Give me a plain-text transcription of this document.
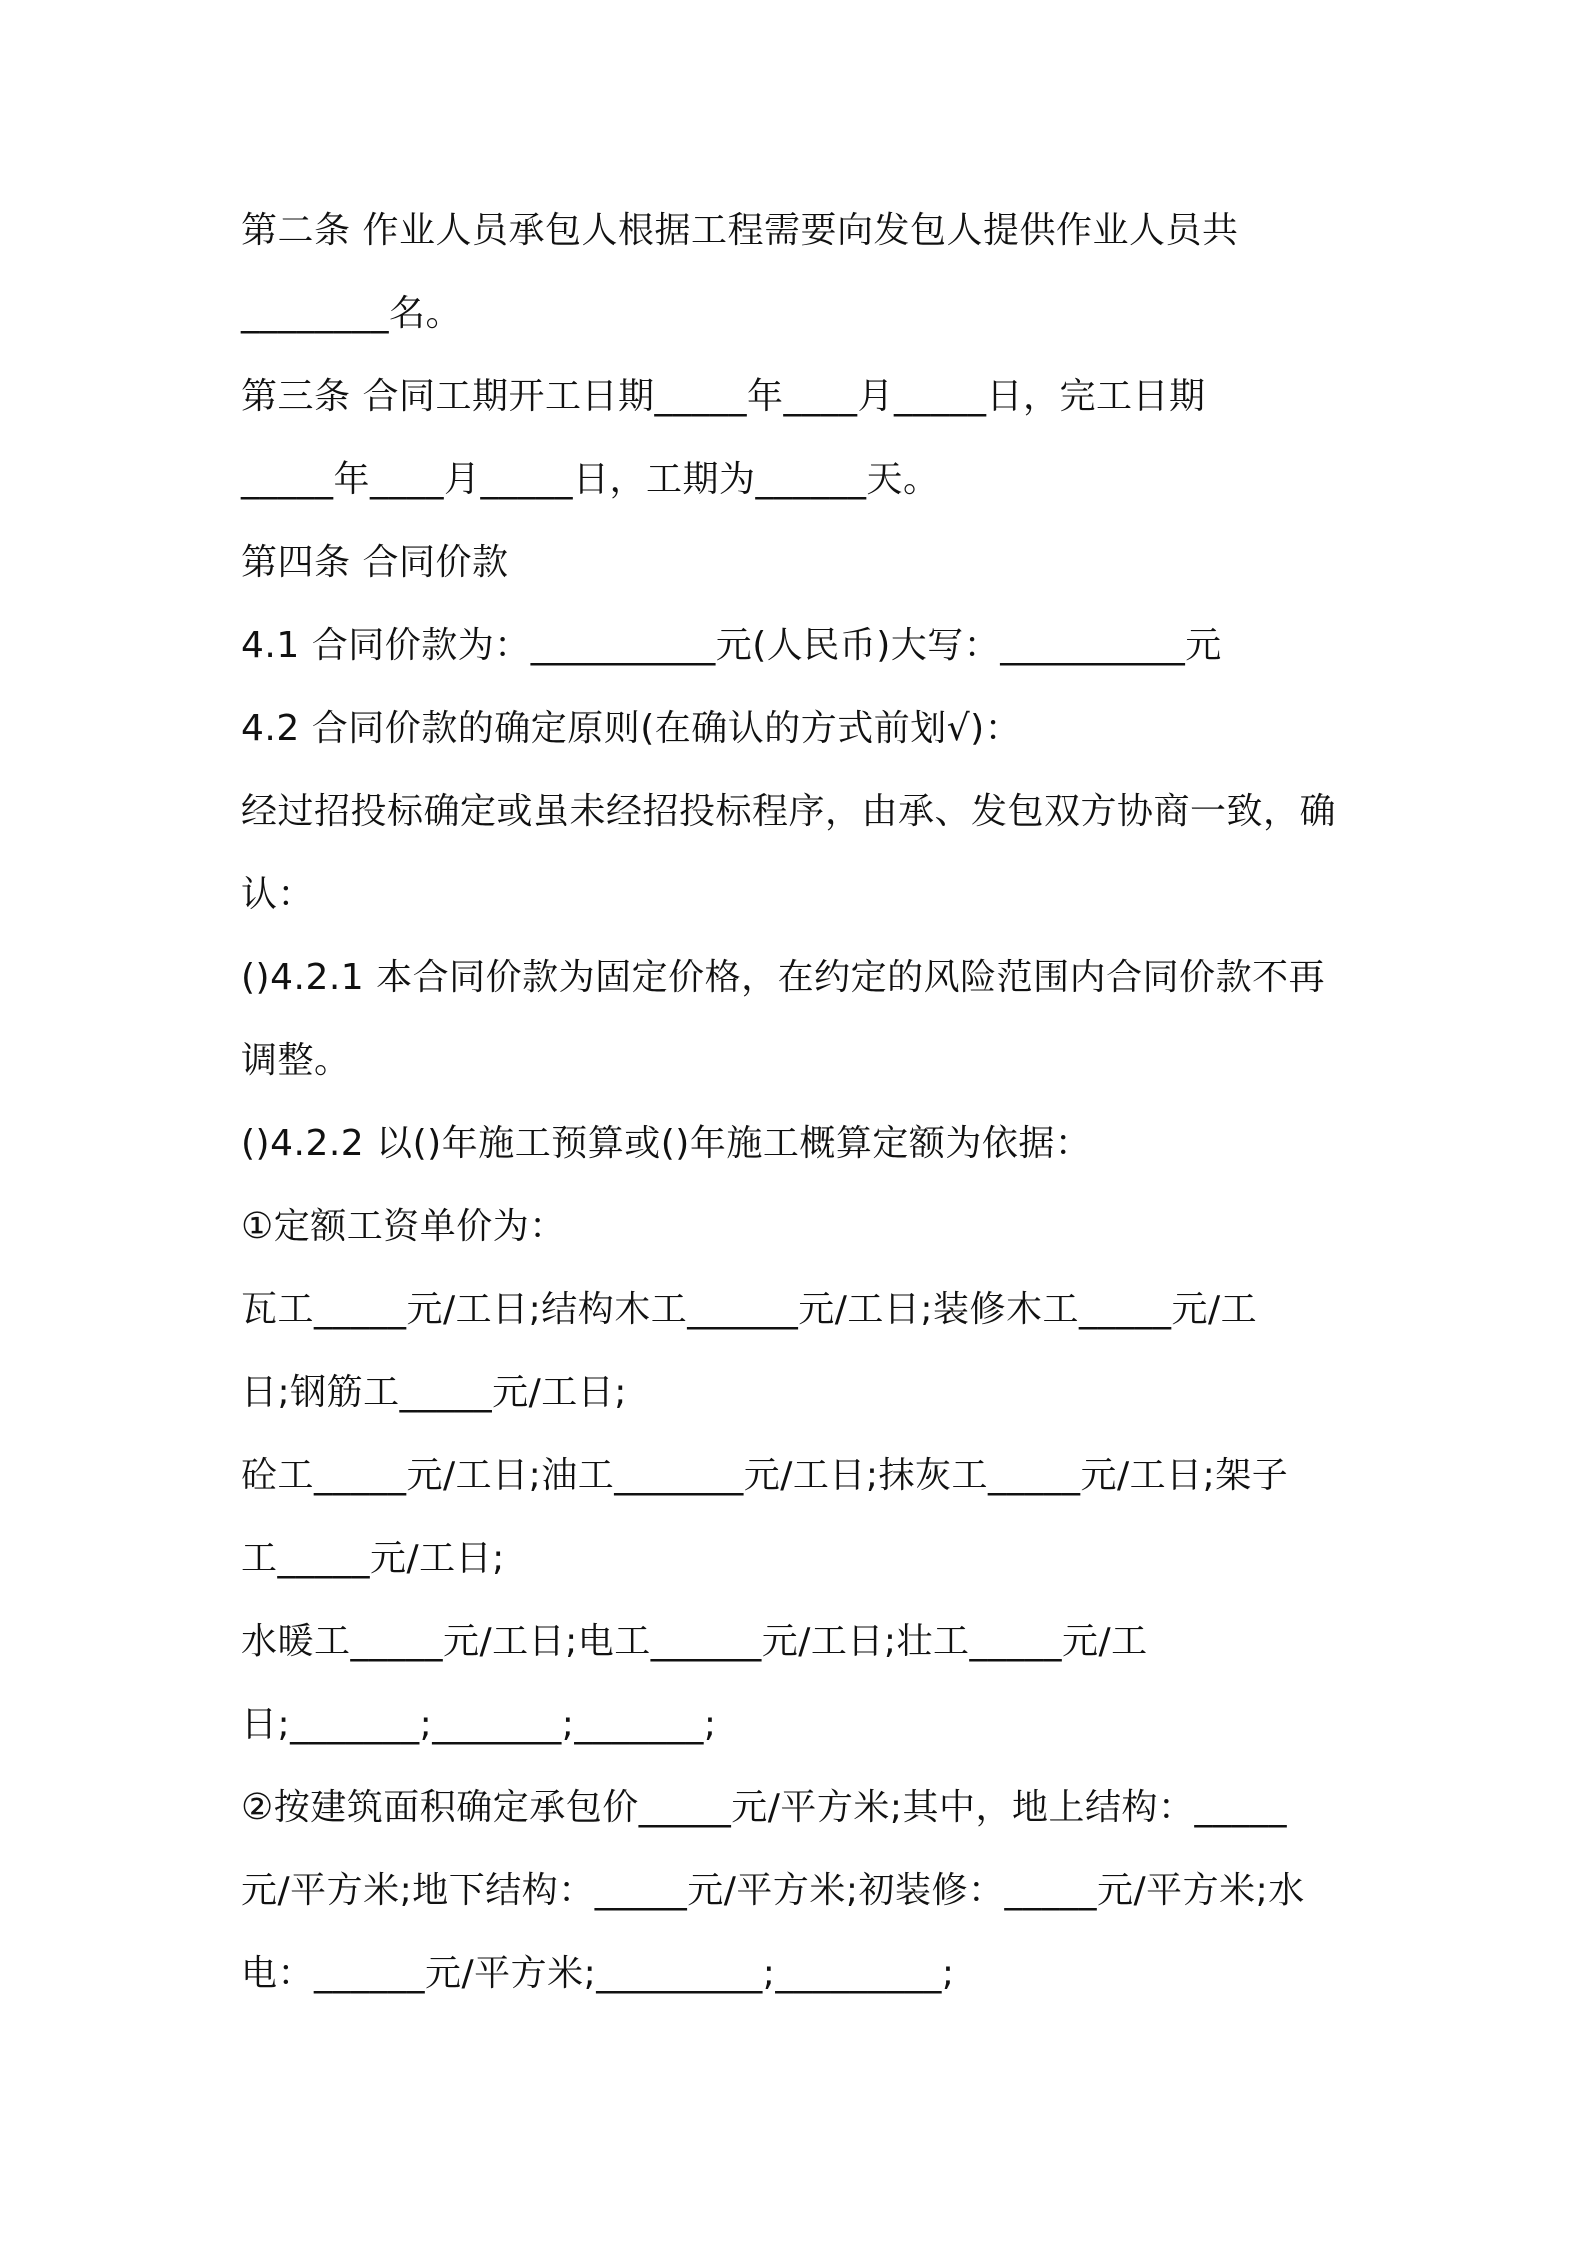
第二条 作业人员承包人根据工程需要向发包人提供作业人员共
________名。
第三条 合同工期开工日期_____年____月_____日，完工日期
_____年____月_____日，工期为______天。
第四条 合同价款
4.1 合同价款为：__________元(人民币)大写：__________元
4.2 合同价款的确定原则(在确认的方式前划√)：
经过招投标确定或虽未经招投标程序，由承、发包双方协商一致，确
认：
()4.2.1 本合同价款为固定价格，在约定的风险范围内合同价款不再
调整。
()4.2.2 以()年施工预算或()年施工概算定额为依据：
①定额工资单价为：
瓦工_____元/工日;结构木工______元/工日;装修木工_____元/工
日;钢筋工_____元/工日;
砼工_____元/工日;油工_______元/工日;抹灰工_____元/工日;架子
工_____元/工日;
水暖工_____元/工日;电工______元/工日;壮工_____元/工
日;_______;_______;_______;
②按建筑面积确定承包价_____元/平方米;其中，地上结构：_____
元/平方米;地下结构：_____元/平方米;初装修：_____元/平方米;水
电：______元/平方米;_________;_________;
